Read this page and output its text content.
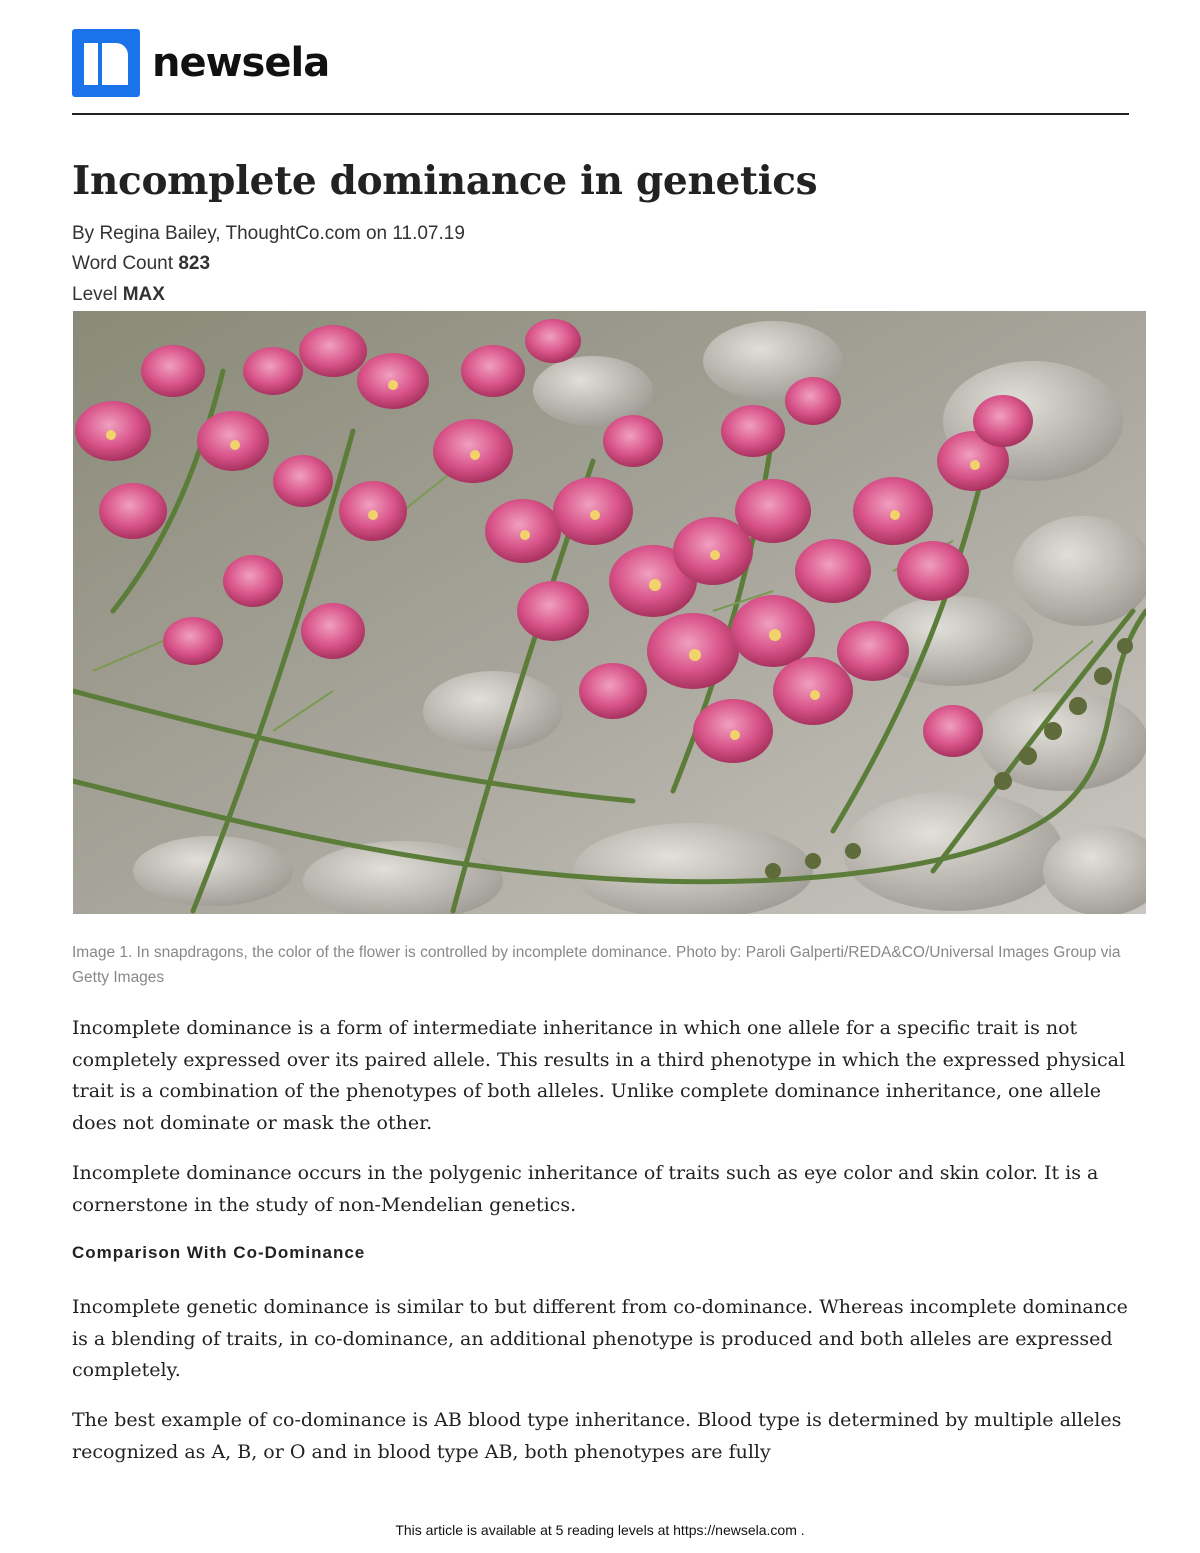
newsela
Incomplete dominance in genetics
By Regina Bailey, ThoughtCo.com on 11.07.19
Word Count 823
Level MAX
Image 1. In snapdragons, the color of the flower is controlled by incomplete dominance. Photo by: Paroli Galperti/REDA&CO/Universal Images Group via Getty Images

Incomplete dominance is a form of intermediate inheritance in which one allele for a specific trait is not completely expressed over its paired allele. This results in a third phenotype in which the expressed physical trait is a combination of the phenotypes of both alleles. Unlike complete dominance inheritance, one allele does not dominate or mask the other.

Incomplete dominance occurs in the polygenic inheritance of traits such as eye color and skin color. It is a cornerstone in the study of non-Mendelian genetics.

Comparison With Co-Dominance

Incomplete genetic dominance is similar to but different from co-dominance. Whereas incomplete dominance is a blending of traits, in co-dominance, an additional phenotype is produced and both alleles are expressed completely.

The best example of co-dominance is AB blood type inheritance. Blood type is determined by multiple alleles recognized as A, B, or O and in blood type AB, both phenotypes are fully

This article is available at 5 reading levels at https://newsela.com .
